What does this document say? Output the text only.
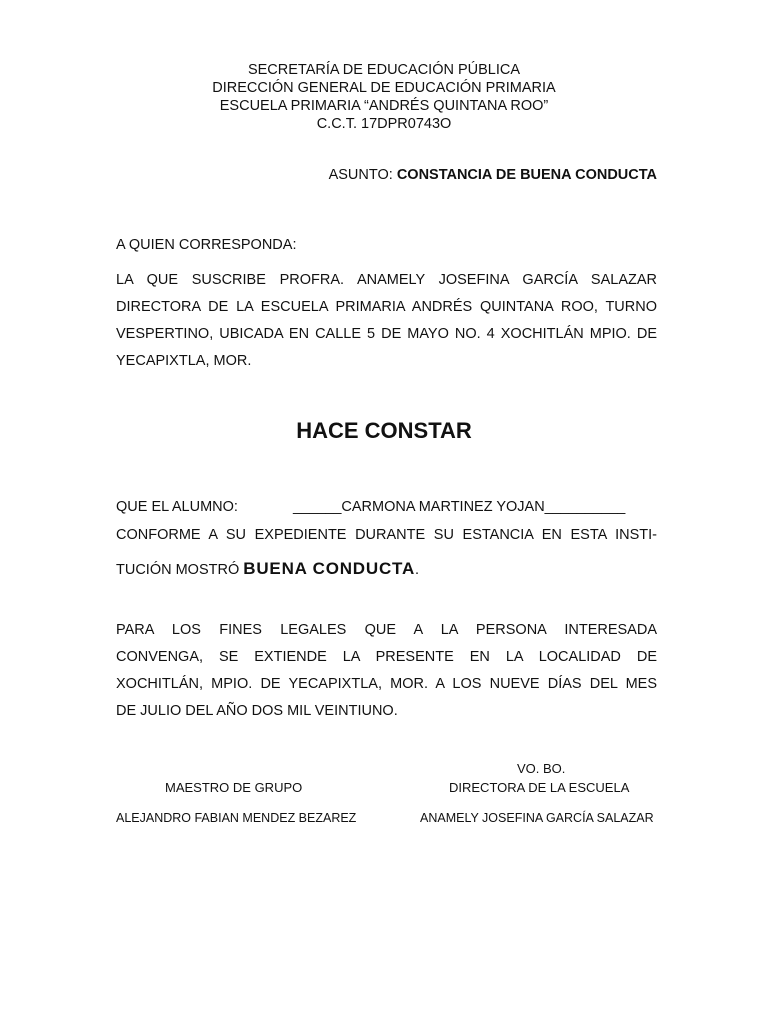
SECRETARÍA DE EDUCACIÓN PÚBLICA
DIRECCIÓN GENERAL DE EDUCACIÓN PRIMARIA
ESCUELA PRIMARIA “ANDRÉS QUINTANA ROO”
C.C.T. 17DPR0743O
ASUNTO: CONSTANCIA DE BUENA CONDUCTA
A QUIEN CORRESPONDA:
LA QUE SUSCRIBE PROFRA. ANAMELY JOSEFINA GARCÍA SALAZAR
DIRECTORA DE LA ESCUELA PRIMARIA ANDRÉS QUINTANA ROO, TURNO
VESPERTINO, UBICADA EN CALLE 5 DE MAYO NO. 4 XOCHITLÁN MPIO. DE
YECAPIXTLA, MOR.
HACE CONSTAR
QUE EL ALUMNO:	______CARMONA MARTINEZ YOJAN__________
CONFORME A SU EXPEDIENTE DURANTE SU ESTANCIA EN ESTA INSTI-
TUCIÓN MOSTRÓ BUENA CONDUCTA.
PARA LOS FINES LEGALES QUE A LA PERSONA INTERESADA
CONVENGA, SE EXTIENDE LA PRESENTE EN LA LOCALIDAD DE
XOCHITLÁN, MPIO. DE YECAPIXTLA, MOR. A LOS NUEVE DÍAS DEL MES
DE JULIO DEL AÑO DOS MIL VEINTIUNO.
VO. BO.
MAESTRO DE GRUPO	DIRECTORA DE LA ESCUELA
ALEJANDRO FABIAN MENDEZ BEZAREZ	ANAMELY JOSEFINA GARCÍA SALAZAR
